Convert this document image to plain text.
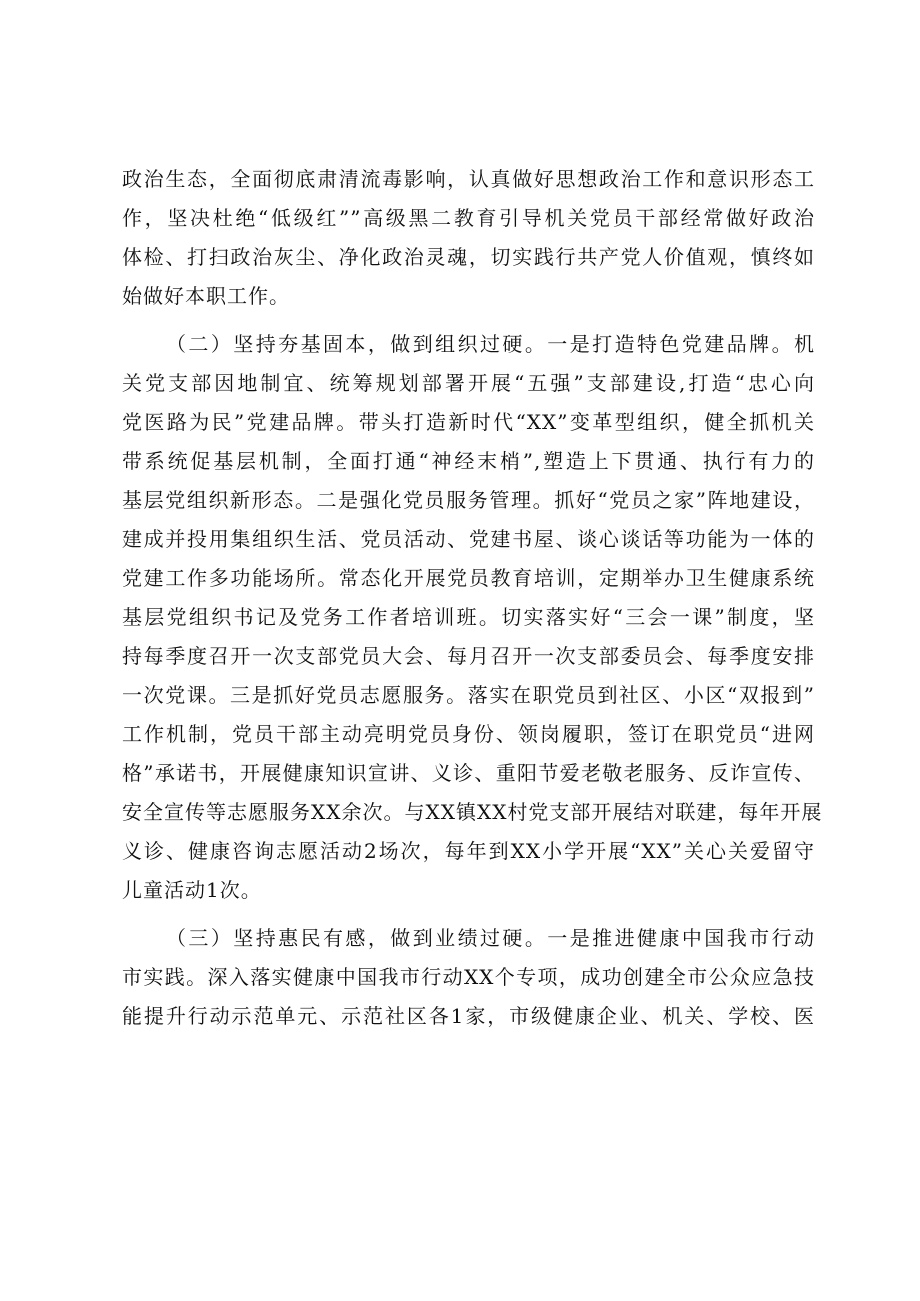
政治生态，全面彻底肃清流毒影响，认真做好思想政治工作和意识形态工
作，坚决杜绝“低级红””高级黑二教育引导机关党员干部经常做好政治
体检、打扫政治灰尘、净化政治灵魂，切实践行共产党人价值观，慎终如
始做好本职工作。
（二）坚持夯基固本，做到组织过硬。一是打造特色党建品牌。机
关党支部因地制宜、统筹规划部署开展“五强”支部建设,打造“忠心向
党医路为民”党建品牌。带头打造新时代“XX”变革型组织，健全抓机关
带系统促基层机制，全面打通“神经末梢”,塑造上下贯通、执行有力的
基层党组织新形态。二是强化党员服务管理。抓好“党员之家”阵地建设，
建成并投用集组织生活、党员活动、党建书屋、谈心谈话等功能为一体的
党建工作多功能场所。常态化开展党员教育培训，定期举办卫生健康系统
基层党组织书记及党务工作者培训班。切实落实好“三会一课”制度，坚
持每季度召开一次支部党员大会、每月召开一次支部委员会、每季度安排
一次党课。三是抓好党员志愿服务。落实在职党员到社区、小区“双报到”
工作机制，党员干部主动亮明党员身份、领岗履职，签订在职党员“进网
格”承诺书，开展健康知识宣讲、义诊、重阳节爱老敬老服务、反诈宣传、
安全宣传等志愿服务XX余次。与XX镇XX村党支部开展结对联建，每年开展
义诊、健康咨询志愿活动2场次，每年到XX小学开展“XX”关心关爱留守
儿童活动1次。
（三）坚持惠民有感，做到业绩过硬。一是推进健康中国我市行动
市实践。深入落实健康中国我市行动XX个专项，成功创建全市公众应急技
能提升行动示范单元、示范社区各1家，市级健康企业、机关、学校、医
